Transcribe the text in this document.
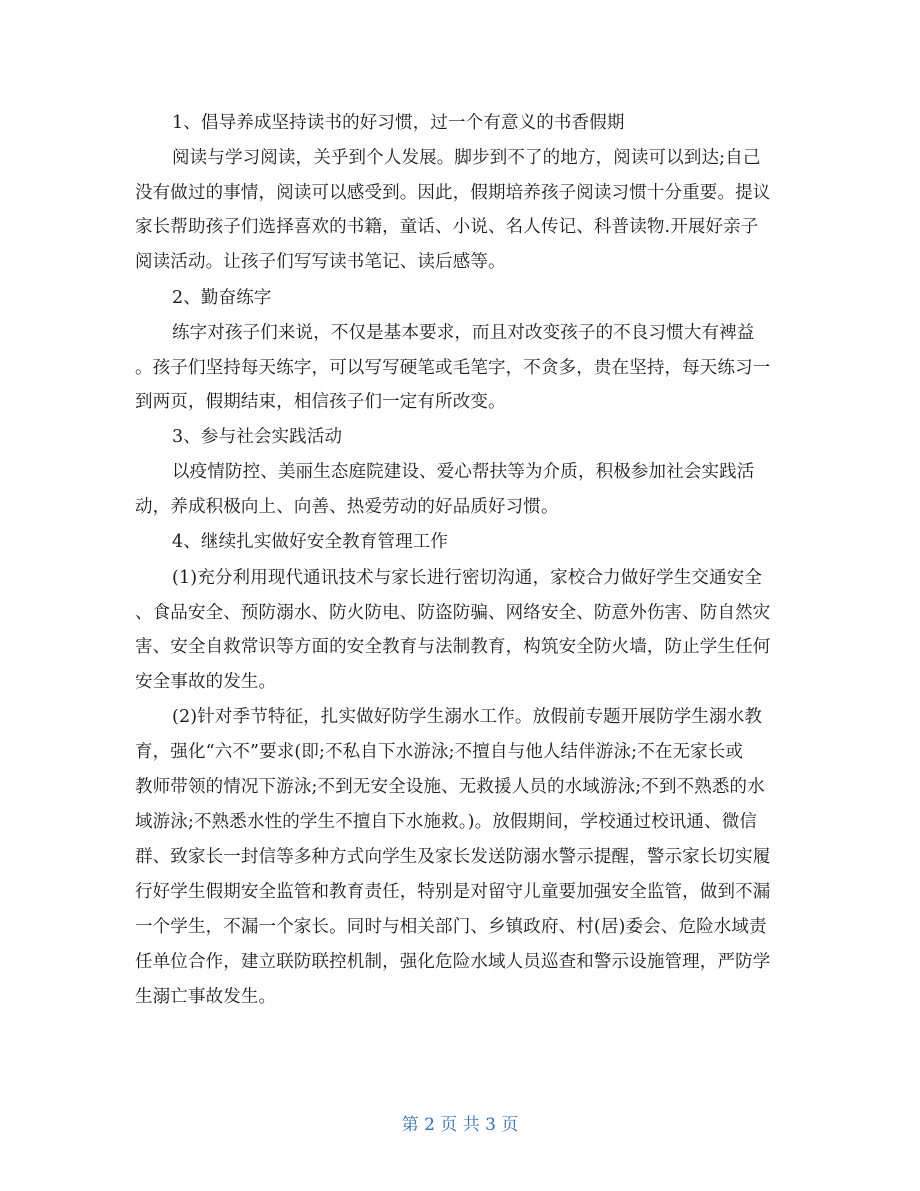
1、倡导养成坚持读书的好习惯，过一个有意义的书香假期
阅读与学习阅读，关乎到个人发展。脚步到不了的地方，阅读可以到达;自己
没有做过的事情，阅读可以感受到。因此，假期培养孩子阅读习惯十分重要。提议
家长帮助孩子们选择喜欢的书籍，童话、小说、名人传记、科普读物.开展好亲子
阅读活动。让孩子们写写读书笔记、读后感等。
2、勤奋练字
练字对孩子们来说，不仅是基本要求，而且对改变孩子的不良习惯大有裨益
。孩子们坚持每天练字，可以写写硬笔或毛笔字，不贪多，贵在坚持，每天练习一
到两页，假期结束，相信孩子们一定有所改变。
3、参与社会实践活动
以疫情防控、美丽生态庭院建设、爱心帮扶等为介质，积极参加社会实践活
动，养成积极向上、向善、热爱劳动的好品质好习惯。
4、继续扎实做好安全教育管理工作
(1)充分利用现代通讯技术与家长进行密切沟通，家校合力做好学生交通安全
、食品安全、预防溺水、防火防电、防盗防骗、网络安全、防意外伤害、防自然灾
害、安全自救常识等方面的安全教育与法制教育，构筑安全防火墙，防止学生任何
安全事故的发生。
(2)针对季节特征，扎实做好防学生溺水工作。放假前专题开展防学生溺水教
育，强化“六不”要求(即;不私自下水游泳;不擅自与他人结伴游泳;不在无家长或
教师带领的情况下游泳;不到无安全设施、无救援人员的水域游泳;不到不熟悉的水
域游泳;不熟悉水性的学生不擅自下水施救。)。放假期间，学校通过校讯通、微信
群、致家长一封信等多种方式向学生及家长发送防溺水警示提醒，警示家长切实履
行好学生假期安全监管和教育责任，特别是对留守儿童要加强安全监管，做到不漏
一个学生，不漏一个家长。同时与相关部门、乡镇政府、村(居)委会、危险水域责
任单位合作，建立联防联控机制，强化危险水域人员巡查和警示设施管理，严防学
生溺亡事故发生。
第 2 页 共 3 页
